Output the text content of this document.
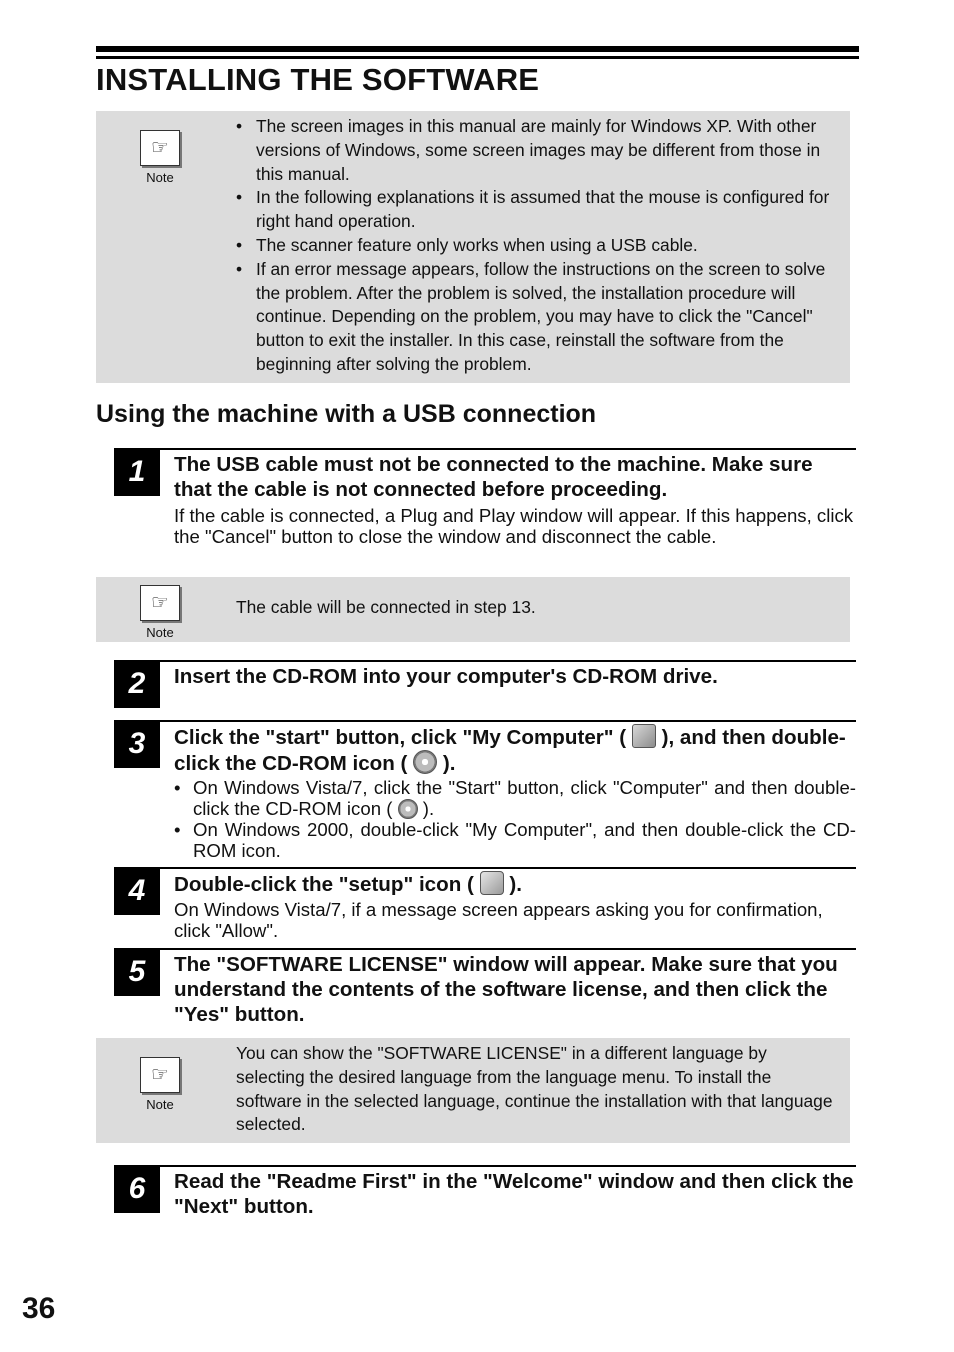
INSTALLING THE SOFTWARE
☞
Note
• The screen images in this manual are mainly for Windows XP. With other versions of Windows, some screen images may be different from those in this manual.
• In the following explanations it is assumed that the mouse is configured for right hand operation.
• The scanner feature only works when using a USB cable.
• If an error message appears, follow the instructions on the screen to solve the problem. After the problem is solved, the installation procedure will continue. Depending on the problem, you may have to click the "Cancel" button to exit the installer. In this case, reinstall the software from the beginning after solving the problem.
Using the machine with a USB connection
1	The USB cable must not be connected to the machine. Make sure that the cable is not connected before proceeding.

If the cable is connected, a Plug and Play window will appear. If this happens, click the "Cancel" button to close the window and disconnect the cable.

☞
Note

The cable will be connected in step 13.

2	Insert the CD-ROM into your computer's CD-ROM drive.

3	Click the "start" button, click "My Computer" ( ), and then double-click the CD-ROM icon ( ).

• On Windows Vista/7, click the "Start" button, click "Computer" and then double-click the CD-ROM icon ( ).
• On Windows 2000, double-click "My Computer", and then double-click the CD-ROM icon.
4	Double-click the "setup" icon ( ).

On Windows Vista/7, if a message screen appears asking you for confirmation, click "Allow".

5	The "SOFTWARE LICENSE" window will appear. Make sure that you understand the contents of the software license, and then click the "Yes" button.

☞
Note

You can show the "SOFTWARE LICENSE" in a different language by selecting the desired language from the language menu. To install the software in the selected language, continue the installation with that language selected.

6	Read the "Readme First" in the "Welcome" window and then click the "Next" button.

36
